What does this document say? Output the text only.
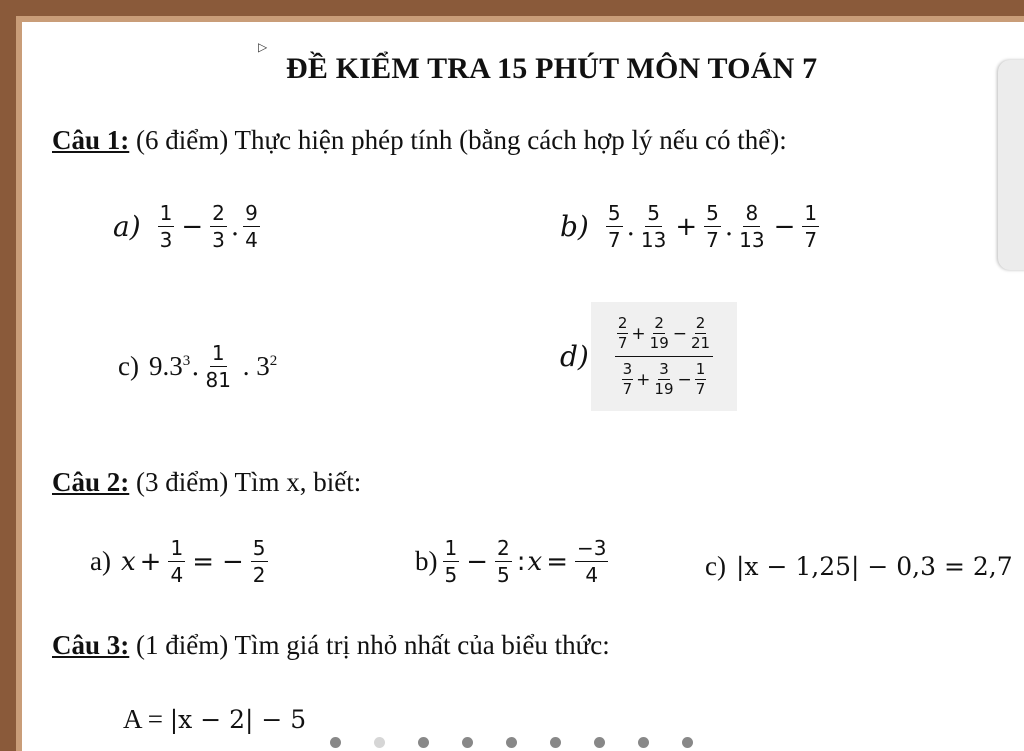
▷
ĐỀ KIỂM TRA 15 PHÚT MÔN TOÁN 7
Câu 1: (6 điểm) Thực hiện phép tính (bằng cách hợp lý nếu có thể):
$a) \frac{1}{3} - \frac{2}{3}$ . $\frac{9}{4}$	$b) \frac{5}{7}$ . $\frac{5}{13} + \frac{5}{7}$ . $\frac{8}{13} - \frac{1}{7}$
c) $9.3^3$ . $\frac{1}{81}$ . $3^2$	$d) \frac{\frac{2}{7} + \frac{2}{19} - \frac{2}{21}}{\frac{3}{7} + \frac{3}{19} - \frac{1}{7}}$
Câu 2: (3 điểm) Tìm x, biết:
a) $x + \frac{1}{4}$ = − $\frac{5}{2}$	$b) \frac{1}{5} - \frac{2}{5}$ : $x = \frac{-3}{4}$	c) |x − 1,25| − 0,3 = 2,7
Câu 3: (1 điểm) Tìm giá trị nhỏ nhất của biểu thức:
A = |x − 2| − 5
